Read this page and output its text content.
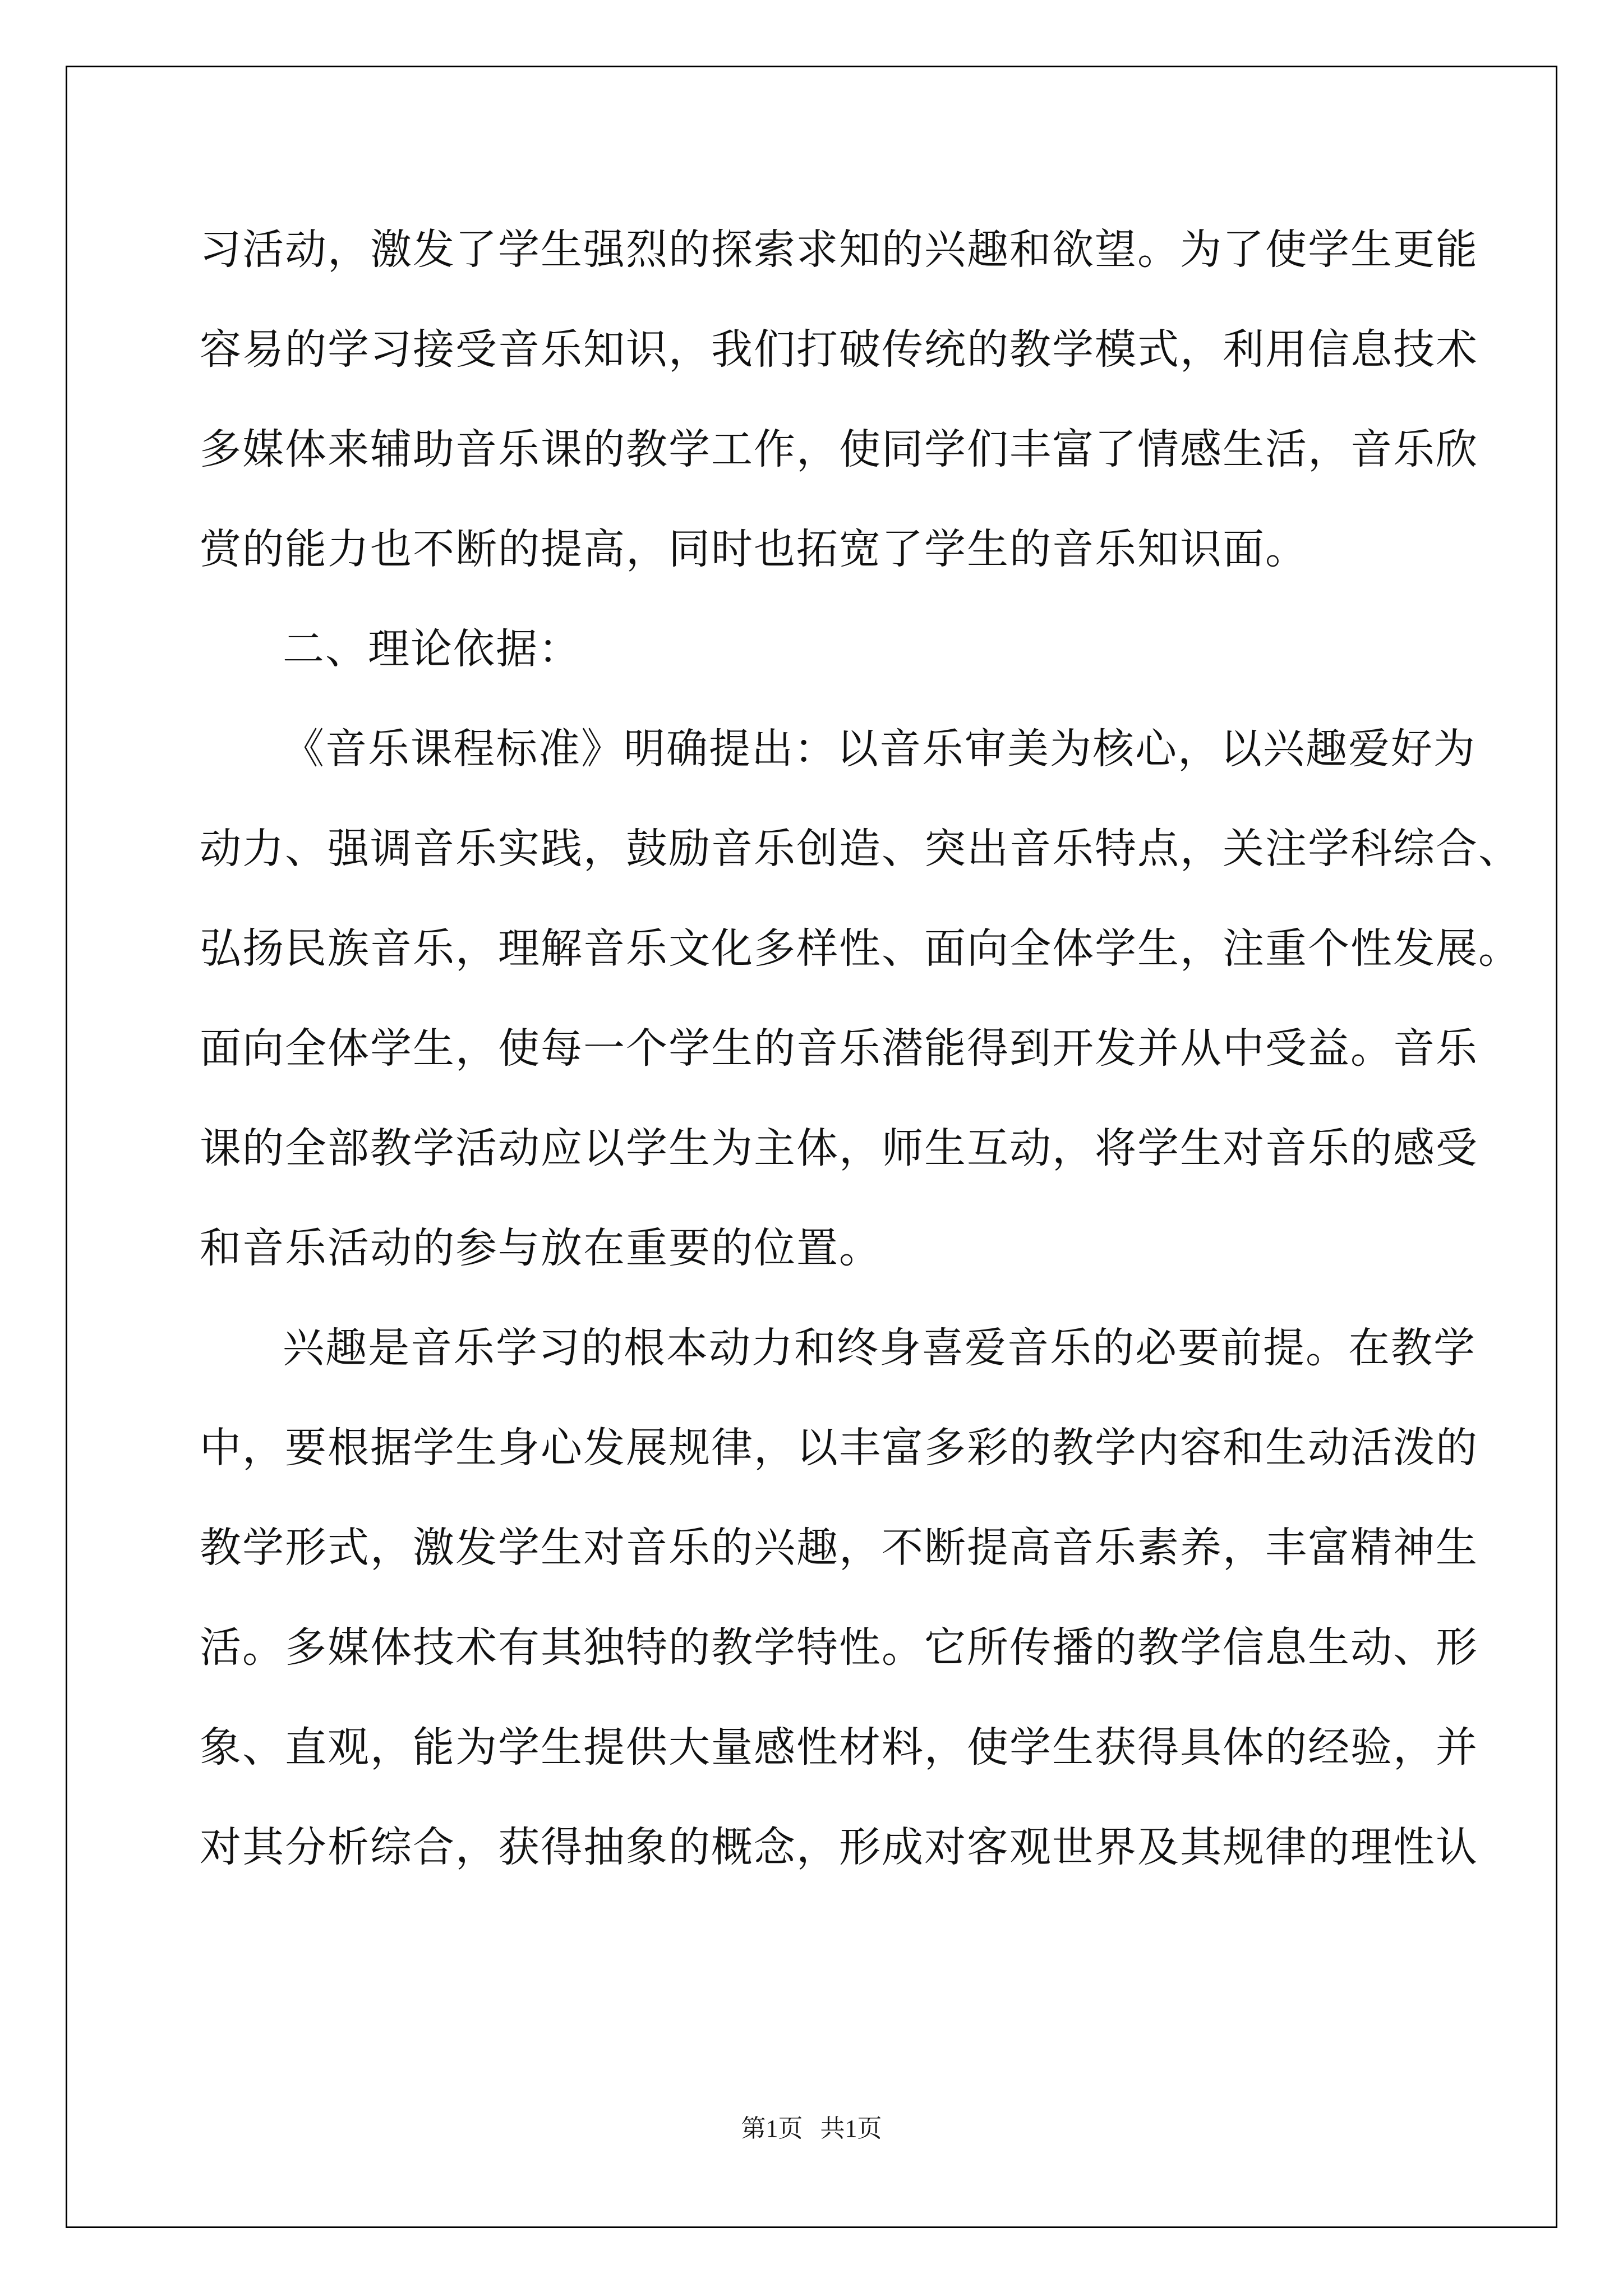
习活动，激发了学生强烈的探索求知的兴趣和欲望。为了使学生更能
容易的学习接受音乐知识，我们打破传统的教学模式，利用信息技术
多媒体来辅助音乐课的教学工作，使同学们丰富了情感生活，音乐欣
赏的能力也不断的提高，同时也拓宽了学生的音乐知识面。
二、理论依据：
《音乐课程标准》明确提出：以音乐审美为核心，以兴趣爱好为
动力、强调音乐实践，鼓励音乐创造、突出音乐特点，关注学科综合、
弘扬民族音乐，理解音乐文化多样性、面向全体学生，注重个性发展。
面向全体学生，使每一个学生的音乐潜能得到开发并从中受益。音乐
课的全部教学活动应以学生为主体，师生互动，将学生对音乐的感受
和音乐活动的参与放在重要的位置。
兴趣是音乐学习的根本动力和终身喜爱音乐的必要前提。在教学
中，要根据学生身心发展规律，以丰富多彩的教学内容和生动活泼的
教学形式，激发学生对音乐的兴趣，不断提高音乐素养，丰富精神生
活。多媒体技术有其独特的教学特性。它所传播的教学信息生动、形
象、直观，能为学生提供大量感性材料，使学生获得具体的经验，并
对其分析综合，获得抽象的概念，形成对客观世界及其规律的理性认
第1页 共1页
